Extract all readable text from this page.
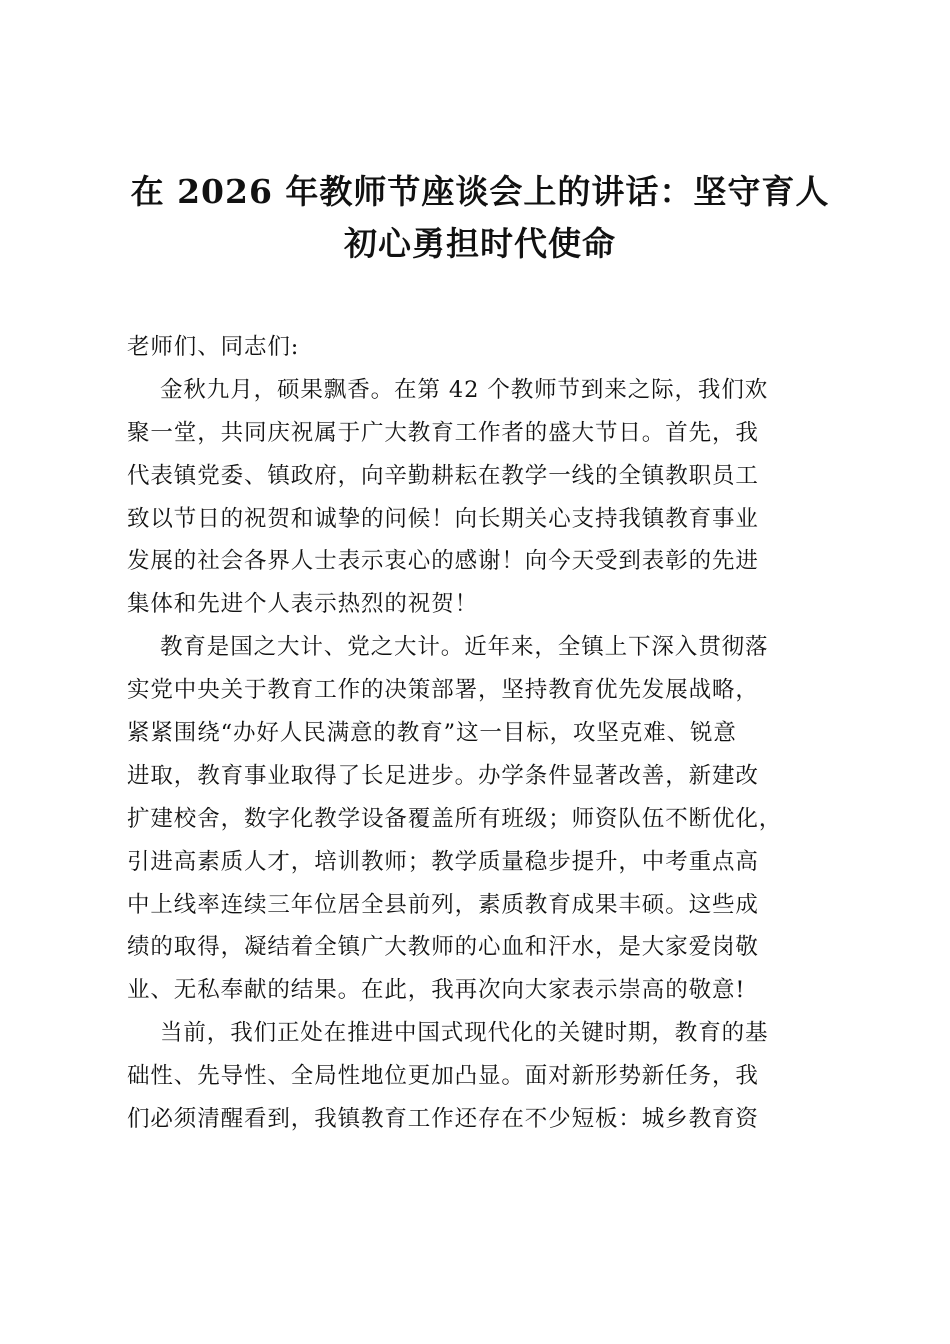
在 2026 年教师节座谈会上的讲话：坚守育人
初心勇担时代使命
老师们、同志们:
金秋九月，硕果飘香。在第 42 个教师节到来之际，我们欢
聚一堂，共同庆祝属于广大教育工作者的盛大节日。首先，我
代表镇党委、镇政府，向辛勤耕耘在教学一线的全镇教职员工
致以节日的祝贺和诚挚的问候！向长期关心支持我镇教育事业
发展的社会各界人士表示衷心的感谢！向今天受到表彰的先进
集体和先进个人表示热烈的祝贺！
教育是国之大计、党之大计。近年来，全镇上下深入贯彻落
实党中央关于教育工作的决策部署，坚持教育优先发展战略，
紧紧围绕“办好人民满意的教育”这一目标，攻坚克难、锐意
进取，教育事业取得了长足进步。办学条件显著改善，新建改
扩建校舍，数字化教学设备覆盖所有班级；师资队伍不断优化，
引进高素质人才，培训教师；教学质量稳步提升，中考重点高
中上线率连续三年位居全县前列，素质教育成果丰硕。这些成
绩的取得，凝结着全镇广大教师的心血和汗水，是大家爱岗敬
业、无私奉献的结果。在此，我再次向大家表示崇高的敬意!
当前，我们正处在推进中国式现代化的关键时期，教育的基
础性、先导性、全局性地位更加凸显。面对新形势新任务，我
们必须清醒看到，我镇教育工作还存在不少短板：城乡教育资
